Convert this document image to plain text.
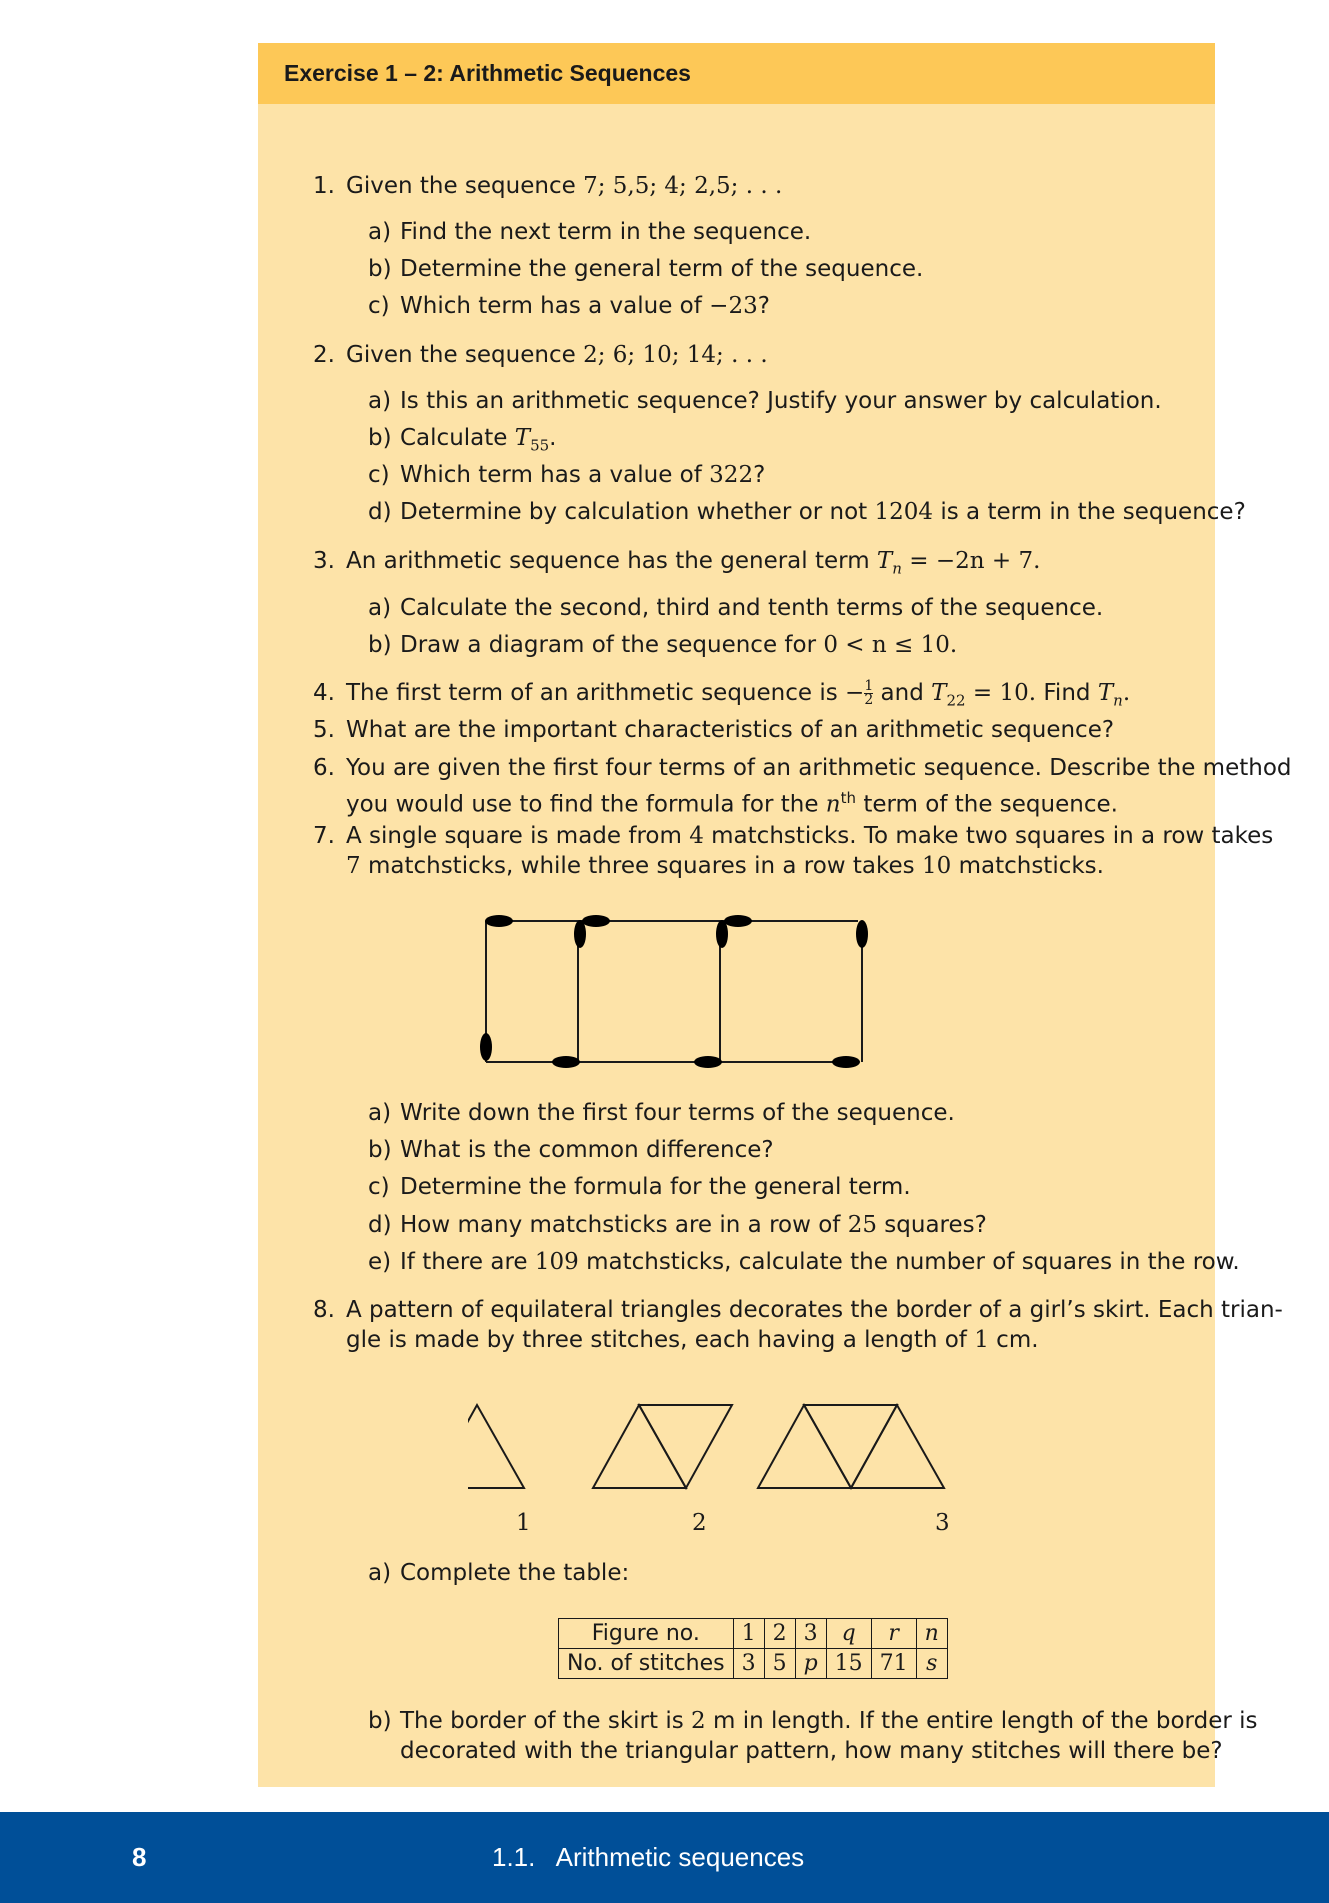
Exercise 1 – 2: Arithmetic Sequences
1. Given the sequence 7; 5,5; 4; 2,5; . . .
a) Find the next term in the sequence.
b) Determine the general term of the sequence.
c) Which term has a value of −23?
2. Given the sequence 2; 6; 10; 14; . . .
a) Is this an arithmetic sequence? Justify your answer by calculation.
b) Calculate $T_{55}$.
c) Which term has a value of 322?
d) Determine by calculation whether or not 1204 is a term in the sequence?
3. An arithmetic sequence has the general term $T_n = -2n + 7$.
a) Calculate the second, third and tenth terms of the sequence.
b) Draw a diagram of the sequence for 0 < n ≤ 10.
4. The first term of an arithmetic sequence is − $\frac{1}{2}$ and $T_{22} = 10$. Find $T_n$.
5. What are the important characteristics of an arithmetic sequence?
6. You are given the first four terms of an arithmetic sequence. Describe the method
you would use to find the formula for the $n^{th}$ term of the sequence.
7. A single square is made from 4 matchsticks. To make two squares in a row takes
7 matchsticks, while three squares in a row takes 10 matchsticks.
a) Write down the first four terms of the sequence.
b) What is the common difference?
c) Determine the formula for the general term.
d) How many matchsticks are in a row of 25 squares?
e) If there are 109 matchsticks, calculate the number of squares in the row.
8. A pattern of equilateral triangles decorates the border of a girl’s skirt. Each trian-
gle is made by three stitches, each having a length of 1 cm.
1	2	3
a) Complete the table:
Figure no.	1	2	3	q	r	n
No. of stitches	3	5	p	15	71	s
b) The border of the skirt is 2 m in length. If the entire length of the border is
decorated with the triangular pattern, how many stitches will there be?
8	1.1.   Arithmetic sequences
